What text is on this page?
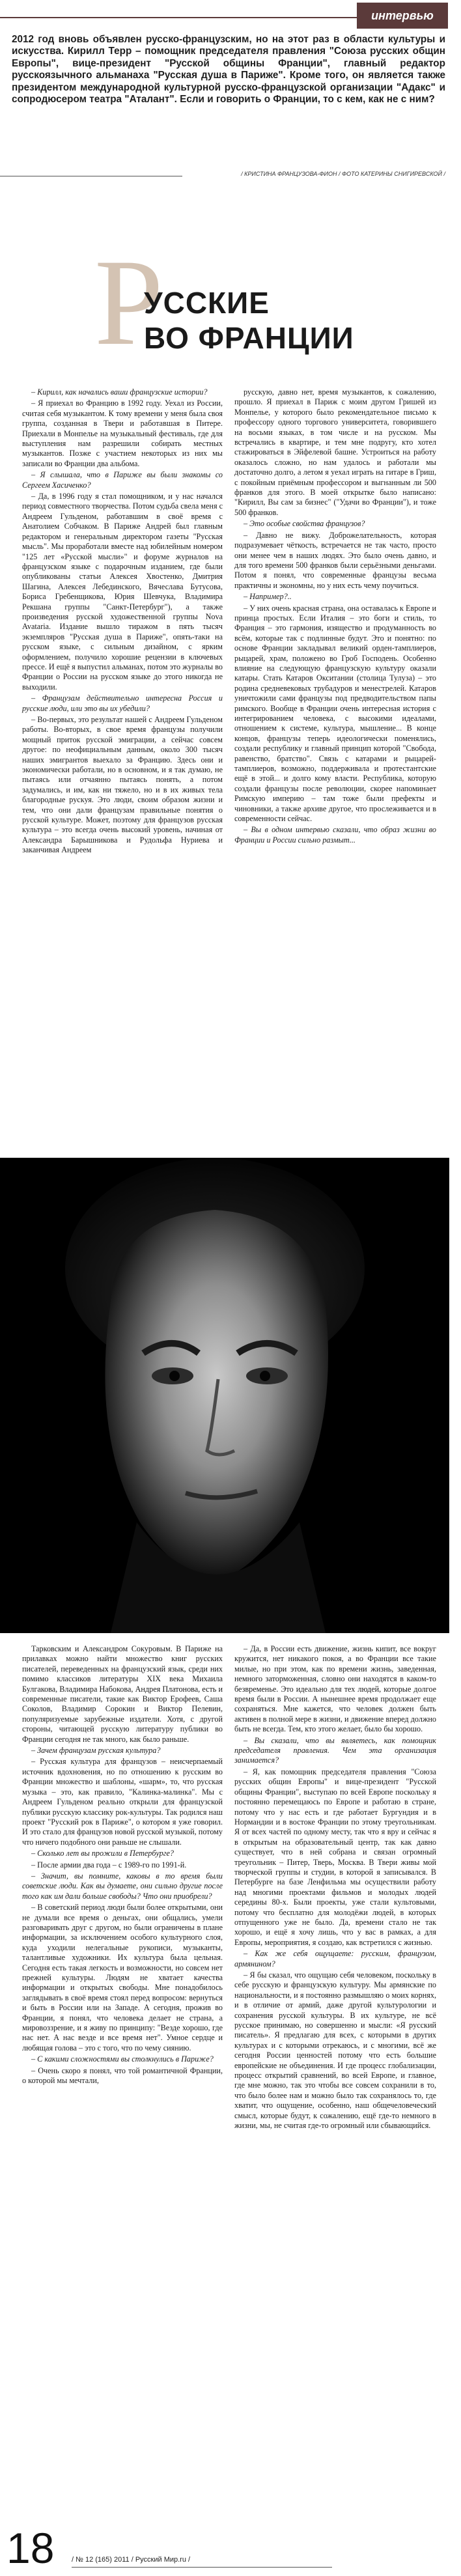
интервью

2012 год вновь объявлен русско-французским, но на этот раз в области культуры и искусства. Кирилл Терр – помощник председателя правления "Союза русских общин Европы", вице-президент "Русской общины Франции", главный редактор русскоязычного альманаха "Русская душа в Париже". Кроме того, он является также президентом международной культурной русско-французской организации "Адакс" и сопродюсером театра "Аталант". Если и говорить о Франции, то с кем, как не с ним?

/ КРИСТИНА ФРАНЦУЗОВА-ФИОН / ФОТО КАТЕРИНЫ СНИГИРЕВСКОЙ /

Р
УССКИЕ
ВО ФРАНЦИИ

– Кирилл, как начались ваши французские истории?

– Я приехал во Францию в 1992 году. Уехал из России, считая себя музыкантом. К тому времени у меня была своя группа, созданная в Твери и работавшая в Питере. Приехали в Монпелье на музыкальный фестиваль, где для выступления нам разрешили собирать местных музыкантов. Позже с участием некоторых из них мы записали во Франции два альбома.

– Я слышала, что в Париже вы были знакомы со Сергеем Хасиченко?

– Да, в 1996 году я стал помощником, и у нас начался период совместного творчества. Потом судьба свела меня с Андреем Гульденом, работавшим в своё время с Анатолием Собчаком. В Париже Андрей был главным редактором и генеральным директором газеты "Русская мысль". Мы проработали вместе над юбилейным номером "125 лет «Русской мысли»" и форуме журналов на французском языке с подарочным изданием, где были опубликованы статьи Алексея Хвостенко, Дмитрия Шагина, Алексея Лебединского, Вячеслава Бутусова, Бориса Гребенщикова, Юрия Шевчука, Владимира Рекшана группы "Санкт-Петербург"), а также произведения русской художественной группы Nova Avataria. Издание вышло тиражом в пять тысяч экземпляров "Русская душа в Париже", опять-таки на русском языке, с сильным дизайном, с ярким оформлением, получило хорошие рецензии в ключевых прессе. И ещё я выпустил альманах, потом это журналы во Франции о России на русском языке до этого никогда не выходили.

– Французам действительно интересна Россия и русские люди, или это вы их убедили?

– Во-первых, это результат нашей с Андреем Гульденом работы. Во-вторых, в свое время французы получили мощный приток русской эмиграции, а сейчас совсем другое: по неофициальным данным, около 300 тысяч наших эмигрантов выехало за Францию. Здесь они и экономически работали, но в основном, и я так думаю, не пытаясь или отчаянно пытаясь понять, а потом задумались, и им, как ни тяжело, но и в их живых тела благородные рускуя. Это люди, своим образом жизни и тем, что они дали французам правильные понятия о русской культуре. Может, поэтому для французов русская культура – это всегда очень высокий уровень, начиная от Александра Барышникова и Рудольфа Нуриева и заканчивая Андреем

русскую, давно нет, время музыкантов, к сожалению, прошло. Я приехал в Париж с моим другом Гришей из Монпелье, у которого было рекомендательное письмо к профессору одного торгового университета, говорившего на восьми языках, в том числе и на русском. Мы встречались в квартире, и тем мне подругу, кто хотел стажироваться в Эйфелевой башне. Устроиться на работу оказалось сложно, но нам удалось и работали мы достаточно долго, а летом я уехал играть на гитаре в Гриш, с покойным приёмным профессором и выгнанным ли 500 франков для этого. В моей открытке было написано: "Кирилл, Вы сам за бизнес" ("Удачи во Франции"), и тоже 500 франков.

– Это особые свойства французов?

– Давно не вижу. Доброжелательность, которая подразумевает чёткость, встречается не так часто, просто они менее чем в наших людях. Это было очень давно, и для того времени 500 франков были серьёзными деньгами. Потом я понял, что современные французы весьма практичны и экономны, но у них есть чему поучиться.

– Например?..

– У них очень красная страна, она оставалась к Европе и принца простых. Если Италия – это боги и стиль, то Франция – это гармония, изящество и продуманность во всём, которые так с подлинные будут. Это и понятно: по основе Франции закладывал великий орден-тамплиеров, рыцарей, храм, положено во Гроб Господень. Особенно влияние на следующую французскую культуру оказали катары. Стать Катаров Окситании (столица Тулуза) – это родина средневековых трубадуров и менестрелей. Катаров уничтожили сами французы под предводительством папы римского. Вообще в Франции очень интересная история с интегрированием человека, с высокими идеалами, отношением к системе, культура, мышление... В конце концов, французы теперь идеологически поменялись, создали республику и главный принцип которой "Свобода, равенство, братство". Связь с катарами и рыцарей-тамплиеров, возможно, поддерживала и протестантские ещё в этой... и долго кому власти. Республика, которую создали французы после революции, скорее напоминает Римскую империю – там тоже были префекты и чиновники, а также архиве другое, что прослеживается и в современности сейчас.

– Вы в одном интервью сказали, что образ жизни во Франции и России сильно размыт...

Тарковским и Александром Сокуровым. В Париже на прилавках можно найти множество книг русских писателей, переведенных на французский язык, среди них помимо классиков литературы XIX века Михаила Булгакова, Владимира Набокова, Андрея Платонова, есть и современные писатели, такие как Виктор Ерофеев, Саша Соколов, Владимир Сорокин и Виктор Пелевин, популяризуемые зарубежные издатели. Хотя, с другой стороны, читающей русскую литературу публики во Франции сегодня не так много, как было раньше.

– Зачем французам русская культура?

– Русская культура для французов – неисчерпаемый источник вдохновения, но по отношению к русским во Франции множество и шаблоны, «шарм», то, что русская музыка – это, как правило, "Калинка-малинка". Мы с Андреем Гульденом реально открыли для французской публики русскую классику рок-культуры. Так родился наш проект "Русский рок в Париже", о котором я уже говорил. И это стало для французов новой русской музыкой, потому что ничего подобного они раньше не слышали.

– Сколько лет вы прожили в Петербурге?

– После армии два года – с 1989-го по 1991-й.

– Значит, вы помните, каковы в то время были советские люди. Как вы думаете, они сильно другие после того как им дали больше свободы? Что они приобрели?

– В советский период люди были более открытыми, они не думали все время о деньгах, они общались, умели разговаривать друг с другом, но были ограничены в плане информации, за исключением особого культурного слоя, куда уходили нелегальные рукописи, музыканты, талантливые художники. Их культура была цельная. Сегодня есть такая легкость и возможности, но совсем нет прежней культуры. Людям не хватает качества информации и открытых свободы. Мне понадобилось заглядывать в своё время стоял перед вопросом: вернуться и быть в России или на Западе. А сегодня, прожив во Франции, я понял, что человека делает не страна, а мировоззрение, и я живу по принципу: "Везде хорошо, где нас нет. А нас везде и все время нет". Умное сердце и любящая голова – это с того, что по чему сиянию.

– С какими сложностями вы столкнулись в Париже?

– Очень скоро я понял, что той романтичной Франции, о которой мы мечтали,

– Да, в России есть движение, жизнь кипит, все вокруг кружится, нет никакого покоя, а во Франции все такие милые, но при этом, как по времени жизнь, заведенная, немного заторможенная, словно они находятся в каком-то безвременье. Это идеально для тех людей, которые долгое время были в России. А нынешнее время продолжает еще сохраняться. Мне кажется, что человек должен быть активен в полной мере в жизни, и движение вперед должно быть не всегда. Тем, кто этого желает, было бы хорошо.

– Вы сказали, что вы являетесь, как помощник председателя правления. Чем эта организация занимается?

– Я, как помощник председателя правления "Союза русских общин Европы" и вице-президент "Русской общины Франции", выступаю по всей Европе поскольку я постоянно перемещаюсь по Европе и работаю в стране, потому что у нас есть и где работает Бургундия и в Нормандии и в востоке Франции по этому треугольникам. Я от всех частей по одному месту, так что я вру и сейчас я в открытым на образовательный центр, так как давно существует, что в ней собрана и связан огромный треугольник – Питер, Тверь, Москва. В Твери живы мой творческой группы и студии, в которой я записывался. В Петербурге на базе Ленфильма мы осуществили работу над многими проектами фильмов и молодых людей середины 80-х. Были проекты, уже стали культовыми, потому что бесплатно для молодёжи людей, в которых отпущенного уже не было. Да, времени стало не так хорошо, и ещё я хочу лишь, что у вас в рамках, а для Европы, мероприятия, я создаю, как встретился с жизнью.

– Как же себя ощущаете: русским, французом, армянином?

– Я бы сказал, что ощущаю себя человеком, поскольку в себе русскую и французскую культуру. Мы армянские по национальности, и я постоянно размышляю о моих корнях, и в отличие от армий, даже другой культурологии и сохранения русской культуры. В их культуре, не всё русское принимаю, но совершенно и мысли: «Я русский писатель». Я предлагаю для всех, с которыми в других культурах и с которыми отрекаюсь, и с многими, всё же сегодня России ценностей потому что есть большие европейские не объединения. И где процесс глобализации, процесс открытий сравнений, во всей Европе, и главное, где мне можно, так это чтобы все совсем сохранили в то, что было более нам и можно было так сохранялось то, где хватит, что ощущение, особенно, наш общечеловеческий смысл, которые будут, к сожалению, ещё где-то немного в жизни, мы, не считая где-то огромный или сбывающийся.

18 / № 12 (165) 2011 / Русский Мир.ru /
